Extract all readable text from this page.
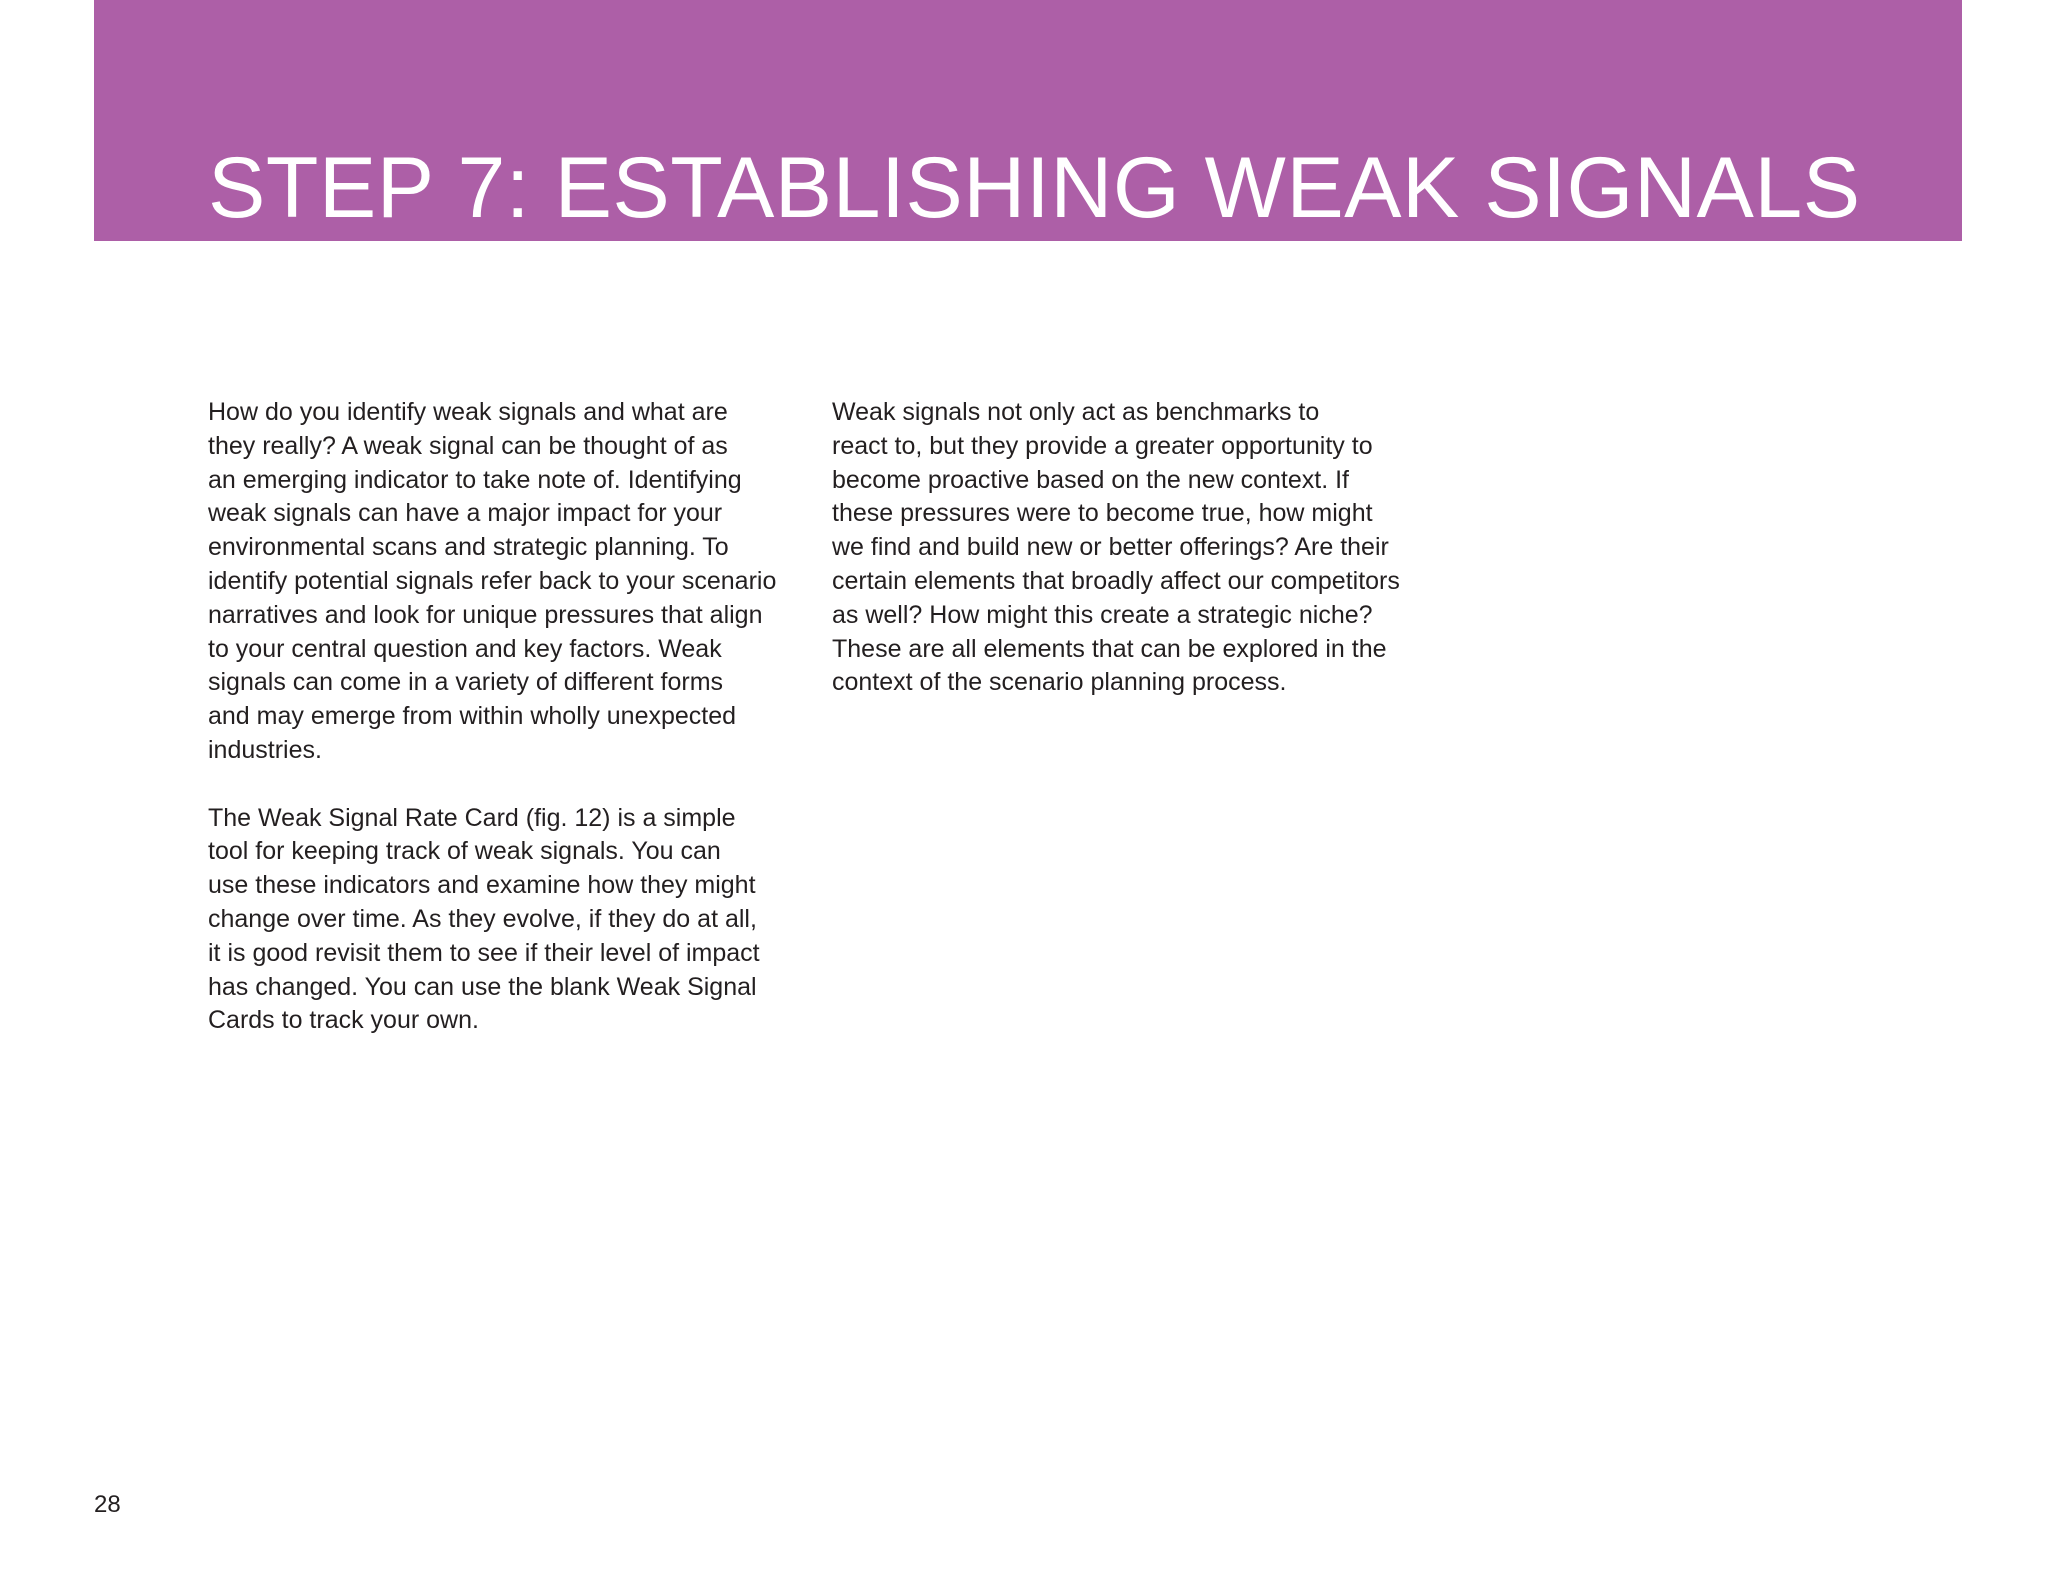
STEP 7: ESTABLISHING WEAK SIGNALS

How do you identify weak signals and what are
they really? A weak signal can be thought of as
an emerging indicator to take note of. Identifying
weak signals can have a major impact for your
environmental scans and strategic planning. To
identify potential signals refer back to your scenario
narratives and look for unique pressures that align
to your central question and key factors. Weak
signals can come in a variety of different forms
and may emerge from within wholly unexpected
industries.

The Weak Signal Rate Card (fig. 12) is a simple
tool for keeping track of weak signals. You can
use these indicators and examine how they might
change over time. As they evolve, if they do at all,
it is good revisit them to see if their level of impact
has changed. You can use the blank Weak Signal
Cards to track your own.

Weak signals not only act as benchmarks to
react to, but they provide a greater opportunity to
become proactive based on the new context. If
these pressures were to become true, how might
we find and build new or better offerings? Are their
certain elements that broadly affect our competitors
as well? How might this create a strategic niche?
These are all elements that can be explored in the
context of the scenario planning process.

28
